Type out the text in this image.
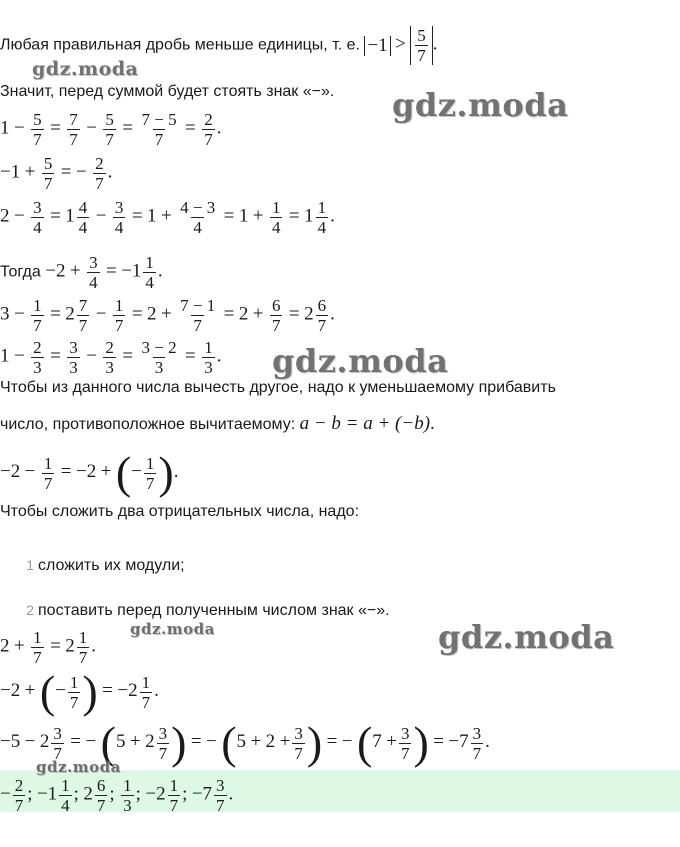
Любая правильная дробь меньше единицы, т. е. $-1 > \frac{5}{7}$ .
Значит, перед суммой будет стоять знак «−».
$1 - \frac{5}{7} = \frac{7}{7} - \frac{5}{7} = \frac{7 - 5}{7} = \frac{2}{7}$ .
$-1 + \frac{5}{7}$ = − $\frac{2}{7}$ .
$2 - \frac{3}{4} = 1 \frac{4}{4} - \frac{3}{4} = 1 + \frac{4 - 3}{4} = 1 + \frac{1}{4} = 1 \frac{1}{4}$ .
Тогда $-2 + \frac{3}{4} = -1 \frac{1}{4}$ .
$3 - \frac{1}{7} = 2 \frac{7}{7} - \frac{1}{7} = 2 + \frac{7 - 1}{7} = 2 + \frac{6}{7} = 2 \frac{6}{7}$ .
$1 - \frac{2}{3} = \frac{3}{3} - \frac{2}{3} = \frac{3 - 2}{3} = \frac{1}{3}$ .
Чтобы из данного числа вычесть другое, надо к уменьшаемому прибавить
число, противоположное вычитаемому: a − b = a + (−b).
$-2 - \frac{1}{7} = -2$ + (− $\frac{1}{7}$ ).
Чтобы сложить два отрицательных числа, надо:
1 сложить их модули;
2 поставить перед полученным числом знак «−».
$2 + \frac{1}{7} = 2 \frac{1}{7}$ .
−2 + (− $\frac{1}{7}$ ) = $-2 \frac{1}{7}$ .
$-5 - 2 \frac{3}{7}$ = − ($5 + 2 \frac{3}{7}$ ) = − ($5 + 2 + \frac{3}{7}$ ) = − ($7 + \frac{3}{7}$ ) = $-7 \frac{3}{7}$ .
− $\frac{2}{7}$ ; $-1 \frac{1}{4}$ ; $2 \frac{6}{7}$ ; $\frac{1}{3}$ ; $-2 \frac{1}{7}$ ; $-7 \frac{3}{7}$ .
gdz.moda
gdz.moda
gdz.moda
gdz.moda	gdz.moda
gdz.moda
